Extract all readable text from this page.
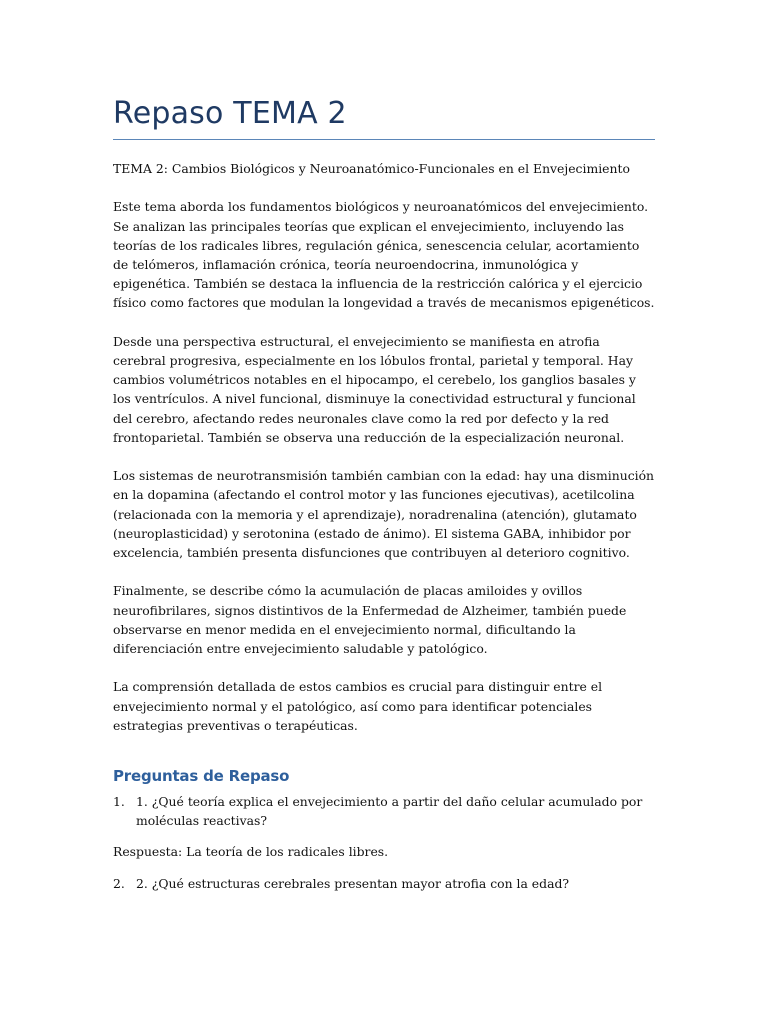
Repaso TEMA 2

TEMA 2: Cambios Biológicos y Neuroanatómico-Funcionales en el Envejecimiento

Este tema aborda los fundamentos biológicos y neuroanatómicos del envejecimiento. Se analizan las principales teorías que explican el envejecimiento, incluyendo las teorías de los radicales libres, regulación génica, senescencia celular, acortamiento de telómeros, inflamación crónica, teoría neuroendocrina, inmunológica y epigenética. También se destaca la influencia de la restricción calórica y el ejercicio físico como factores que modulan la longevidad a través de mecanismos epigenéticos.

Desde una perspectiva estructural, el envejecimiento se manifiesta en atrofia cerebral progresiva, especialmente en los lóbulos frontal, parietal y temporal. Hay cambios volumétricos notables en el hipocampo, el cerebelo, los ganglios basales y los ventrículos. A nivel funcional, disminuye la conectividad estructural y funcional del cerebro, afectando redes neuronales clave como la red por defecto y la red frontoparietal. También se observa una reducción de la especialización neuronal.

Los sistemas de neurotransmisión también cambian con la edad: hay una disminución en la dopamina (afectando el control motor y las funciones ejecutivas), acetilcolina (relacionada con la memoria y el aprendizaje), noradrenalina (atención), glutamato (neuroplasticidad) y serotonina (estado de ánimo). El sistema GABA, inhibidor por excelencia, también presenta disfunciones que contribuyen al deterioro cognitivo.

Finalmente, se describe cómo la acumulación de placas amiloides y ovillos neurofibrilares, signos distintivos de la Enfermedad de Alzheimer, también puede observarse en menor medida en el envejecimiento normal, dificultando la diferenciación entre envejecimiento saludable y patológico.

La comprensión detallada de estos cambios es crucial para distinguir entre el envejecimiento normal y el patológico, así como para identificar potenciales estrategias preventivas o terapéuticas.

Preguntas de Repaso
1. 1. ¿Qué teoría explica el envejecimiento a partir del daño celular acumulado por moléculas reactivas?
Respuesta: La teoría de los radicales libres.
2. 2. ¿Qué estructuras cerebrales presentan mayor atrofia con la edad?
